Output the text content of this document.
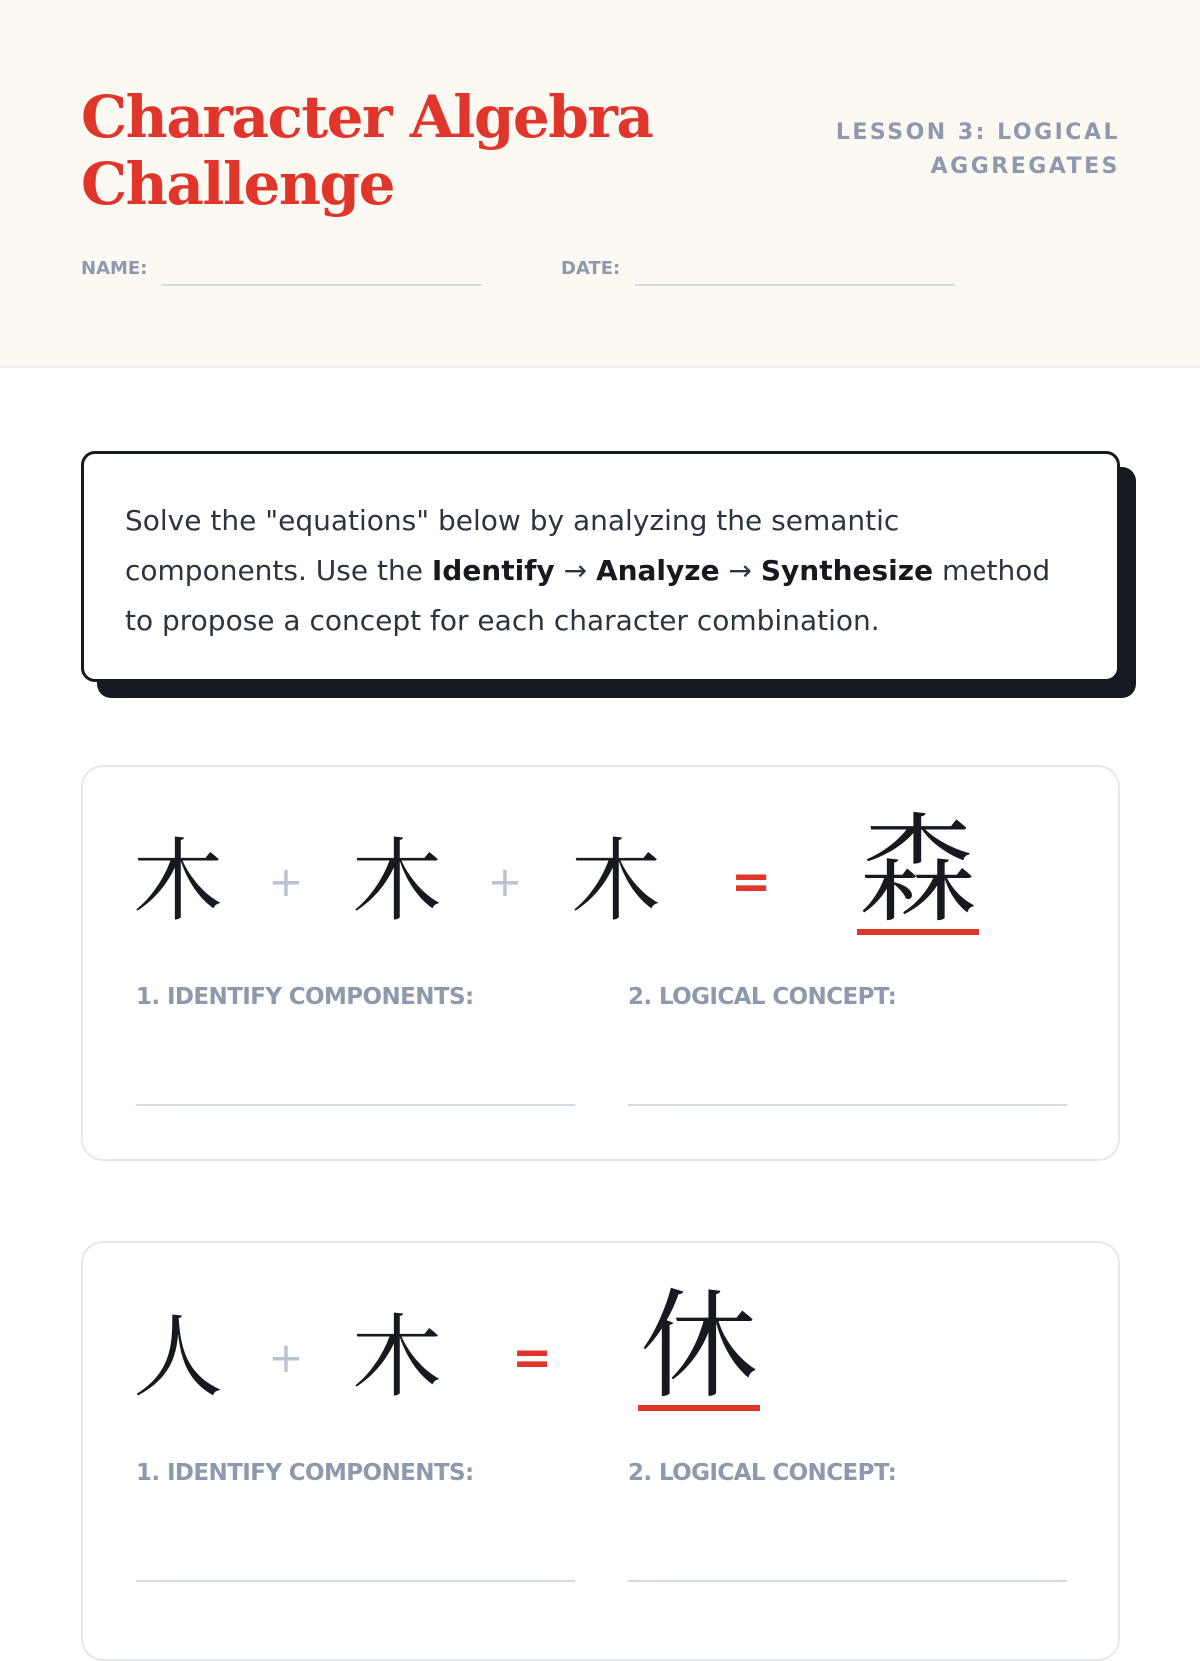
Character Algebra
Challenge
LESSON 3: LOGICAL
AGGREGATES
NAME:	DATE:

Solve the "equations" below by analyzing the semantic components. Use the Identify → Analyze → Synthesize method to propose a concept for each character combination.

木 + 木 + 木 = 森
1. IDENTIFY COMPONENTS:	2. LOGICAL CONCEPT:
人 + 木 = 休
1. IDENTIFY COMPONENTS:	2. LOGICAL CONCEPT:
